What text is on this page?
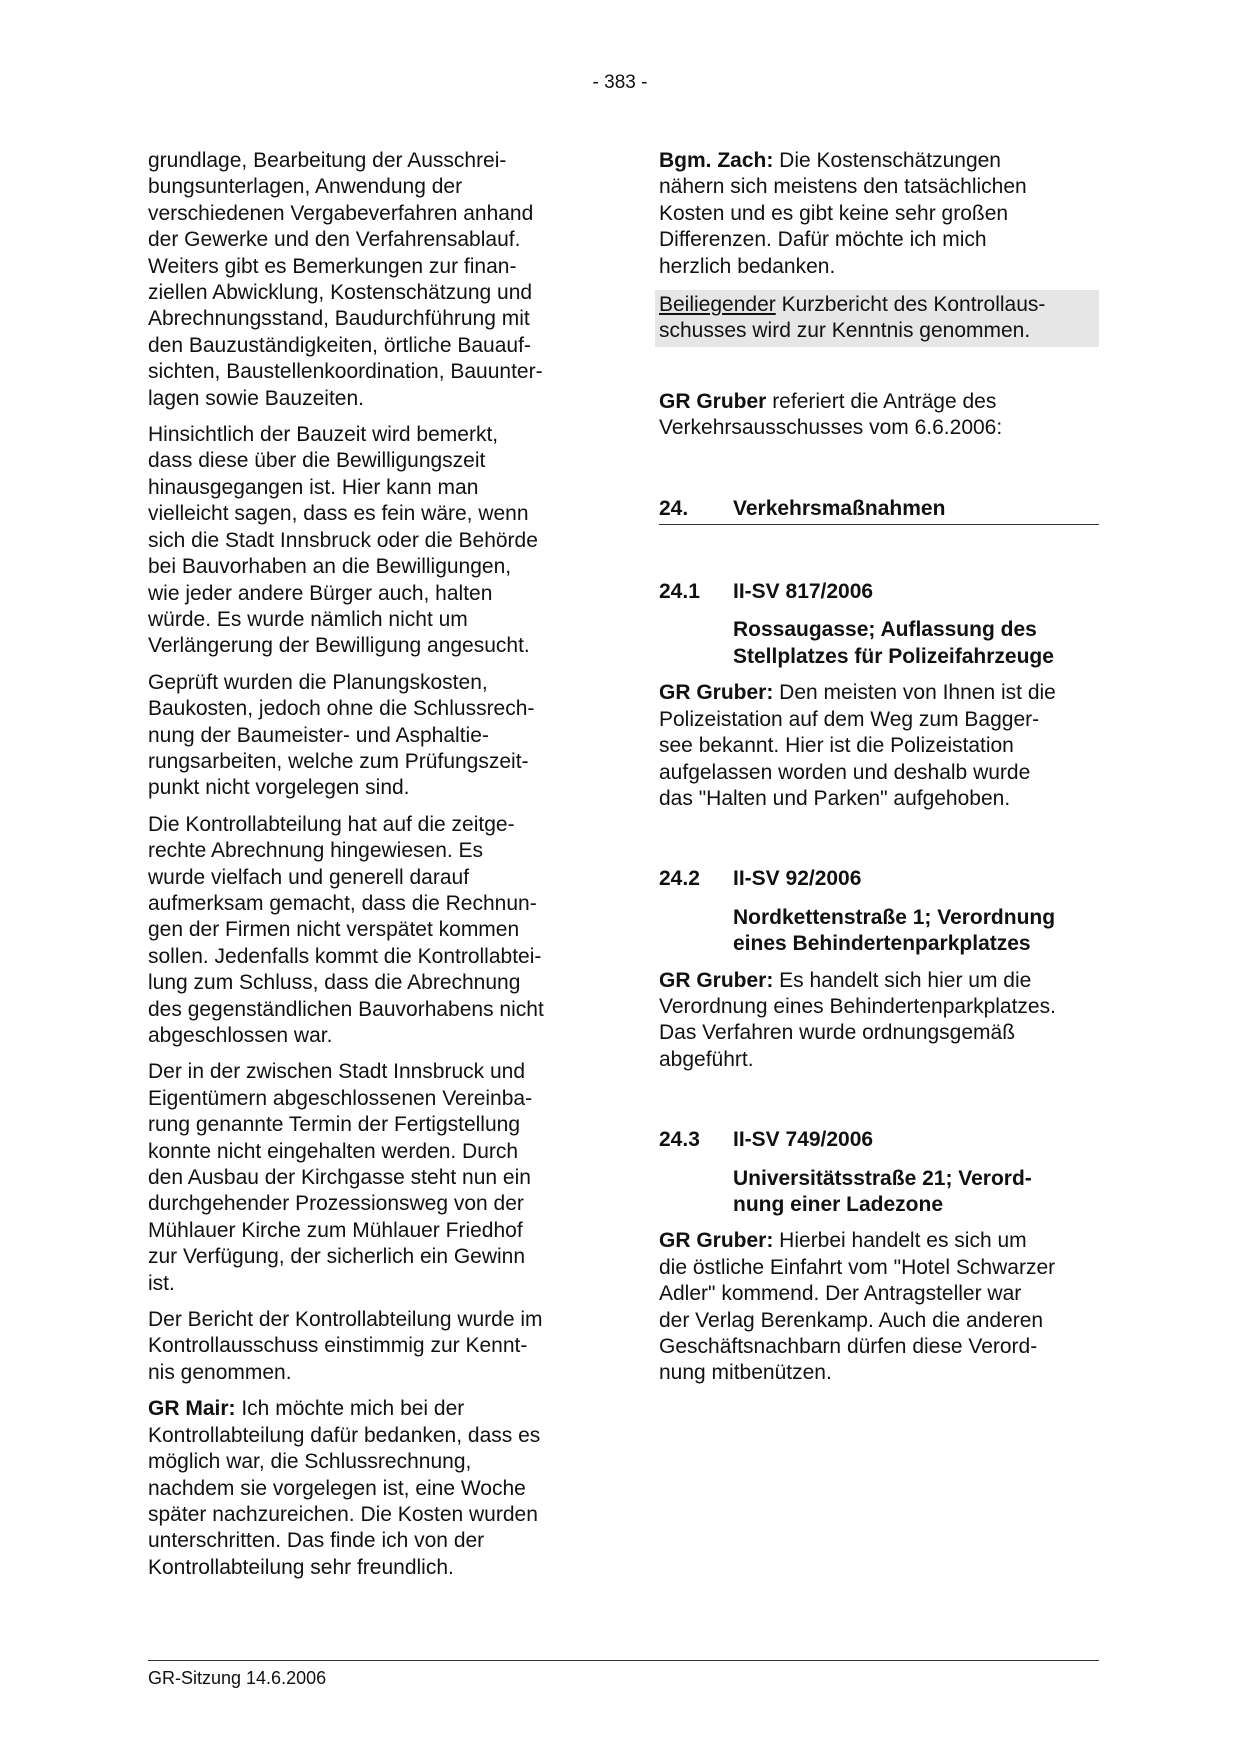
- 383 -

grundlage, Bearbeitung der Ausschrei-
bungsunterlagen, Anwendung der
verschiedenen Vergabeverfahren anhand
der Gewerke und den Verfahrensablauf.
Weiters gibt es Bemerkungen zur finan-
ziellen Abwicklung, Kostenschätzung und
Abrechnungsstand, Baudurchführung mit
den Bauzuständigkeiten, örtliche Bauauf-
sichten, Baustellenkoordination, Bauunter-
lagen sowie Bauzeiten.

Hinsichtlich der Bauzeit wird bemerkt,
dass diese über die Bewilligungszeit
hinausgegangen ist. Hier kann man
vielleicht sagen, dass es fein wäre, wenn
sich die Stadt Innsbruck oder die Behörde
bei Bauvorhaben an die Bewilligungen,
wie jeder andere Bürger auch, halten
würde. Es wurde nämlich nicht um
Verlängerung der Bewilligung angesucht.

Geprüft wurden die Planungskosten,
Baukosten, jedoch ohne die Schlussrech-
nung der Baumeister- und Asphaltie-
rungsarbeiten, welche zum Prüfungszeit-
punkt nicht vorgelegen sind.

Die Kontrollabteilung hat auf die zeitge-
rechte Abrechnung hingewiesen. Es
wurde vielfach und generell darauf
aufmerksam gemacht, dass die Rechnun-
gen der Firmen nicht verspätet kommen
sollen. Jedenfalls kommt die Kontrollabtei-
lung zum Schluss, dass die Abrechnung
des gegenständlichen Bauvorhabens nicht
abgeschlossen war.

Der in der zwischen Stadt Innsbruck und
Eigentümern abgeschlossenen Vereinba-
rung genannte Termin der Fertigstellung
konnte nicht eingehalten werden. Durch
den Ausbau der Kirchgasse steht nun ein
durchgehender Prozessionsweg von der
Mühlauer Kirche zum Mühlauer Friedhof
zur Verfügung, der sicherlich ein Gewinn
ist.

Der Bericht der Kontrollabteilung wurde im
Kontrollausschuss einstimmig zur Kennt-
nis genommen.

GR Mair: Ich möchte mich bei der
Kontrollabteilung dafür bedanken, dass es
möglich war, die Schlussrechnung,
nachdem sie vorgelegen ist, eine Woche
später nachzureichen. Die Kosten wurden
unterschritten. Das finde ich von der
Kontrollabteilung sehr freundlich.

Bgm. Zach: Die Kostenschätzungen
nähern sich meistens den tatsächlichen
Kosten und es gibt keine sehr großen
Differenzen. Dafür möchte ich mich
herzlich bedanken.

Beiliegender Kurzbericht des Kontrollaus-
schusses wird zur Kenntnis genommen.

GR Gruber referiert die Anträge des
Verkehrsausschusses vom 6.6.2006:

24.	Verkehrsmaßnahmen
24.1	II-SV 817/2006
Rossaugasse; Auflassung des
Stellplatzes für Polizeifahrzeuge

GR Gruber: Den meisten von Ihnen ist die
Polizeistation auf dem Weg zum Bagger-
see bekannt. Hier ist die Polizeistation
aufgelassen worden und deshalb wurde
das "Halten und Parken" aufgehoben.

24.2	II-SV 92/2006
Nordkettenstraße 1; Verordnung
eines Behindertenparkplatzes

GR Gruber: Es handelt sich hier um die
Verordnung eines Behindertenparkplatzes.
Das Verfahren wurde ordnungsgemäß
abgeführt.

24.3	II-SV 749/2006
Universitätsstraße 21; Verord-
nung einer Ladezone

GR Gruber: Hierbei handelt es sich um
die östliche Einfahrt vom "Hotel Schwarzer
Adler" kommend. Der Antragsteller war
der Verlag Berenkamp. Auch die anderen
Geschäftsnachbarn dürfen diese Verord-
nung mitbenützen.

GR-Sitzung 14.6.2006
